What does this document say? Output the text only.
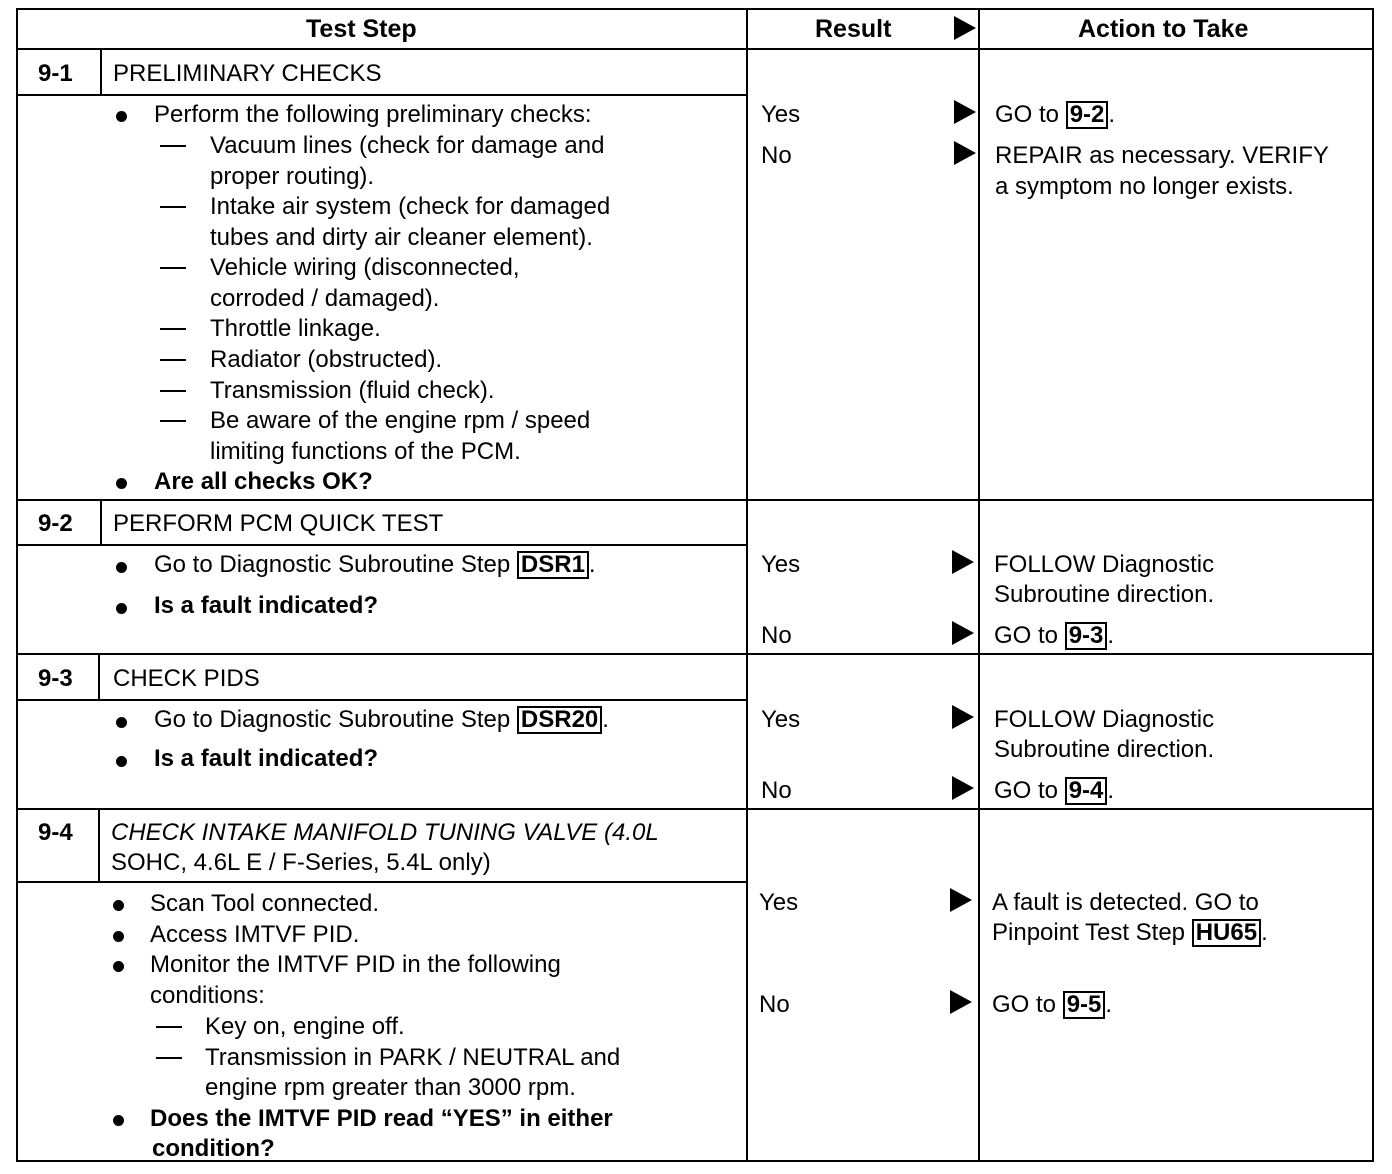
Test Step	Result	Action to Take
9-1 PRELIMINARY CHECKS
Perform the following preliminary checks:
Vacuum lines (check for damage and
proper routing).
Intake air system (check for damaged
tubes and dirty air cleaner element).
Vehicle wiring (disconnected,
corroded / damaged).
Throttle linkage.
Radiator (obstructed).
Transmission (fluid check).
Be aware of the engine rpm / speed
limiting functions of the PCM.
Are all checks OK?
Yes
No
GO to 9-2 .
REPAIR as necessary. VERIFY
a symptom no longer exists.
9-2 PERFORM PCM QUICK TEST
Go to Diagnostic Subroutine Step DSR1 .
Is a fault indicated?
Yes
No
FOLLOW Diagnostic
Subroutine direction.
GO to 9-3 .
9-3 CHECK PIDS
Go to Diagnostic Subroutine Step DSR20 .
Is a fault indicated?
Yes
No
FOLLOW Diagnostic
Subroutine direction.
GO to 9-4 .
9-4 CHECK INTAKE MANIFOLD TUNING VALVE (4.0L
SOHC, 4.6L E / F-Series, 5.4L only)
Scan Tool connected.
Access IMTVF PID.
Monitor the IMTVF PID in the following
conditions:
Key on, engine off.
Transmission in PARK / NEUTRAL and
engine rpm greater than 3000 rpm.
Does the IMTVF PID read “YES” in either
condition?
Yes
No
A fault is detected. GO to
Pinpoint Test Step HU65 .
GO to 9-5 .
